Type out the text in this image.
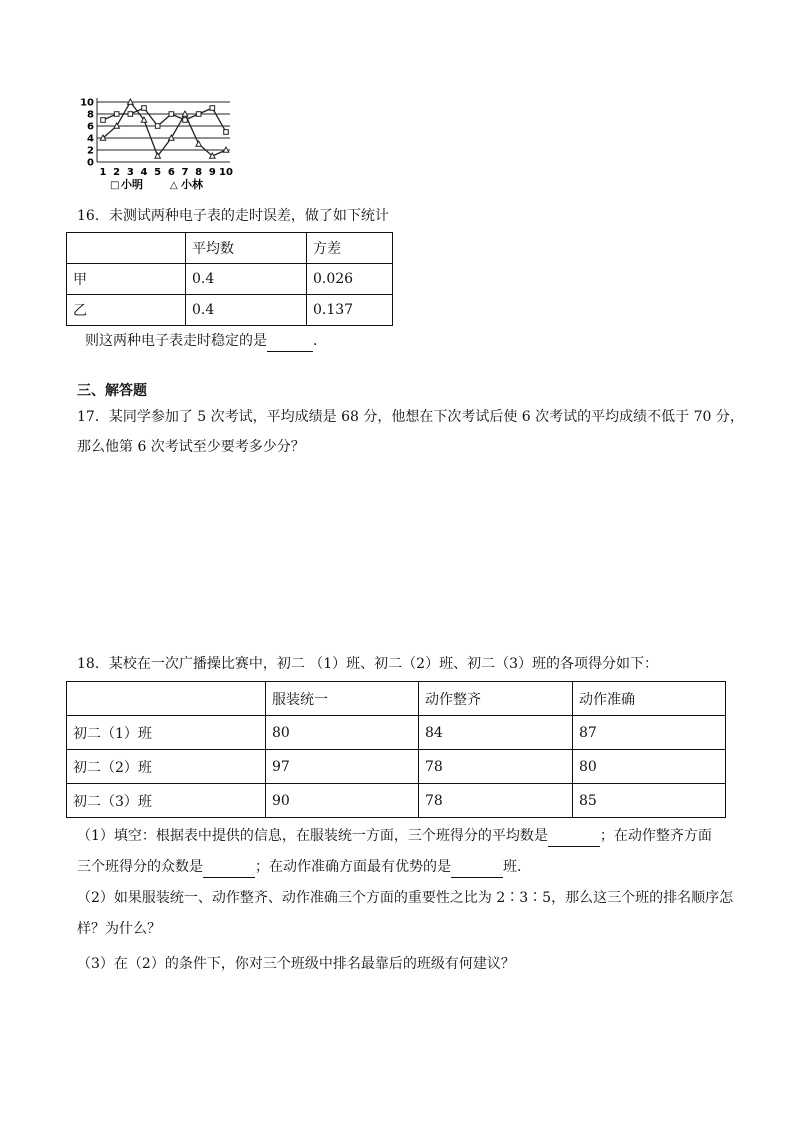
0
2
4
6
8
10
1 2 3 4 5 6 7 8 9 10
□ 小明	△ 小林
16．未测试两种电子表的走时误差，做了如下统计
	平均数	方差
甲	0.4	0.026
乙	0.4	0.137
则这两种电子表走时稳定的是	．
三、解答题
17．某同学参加了 5 次考试，平均成绩是 68 分，他想在下次考试后使 6 次考试的平均成绩不低于 70 分，
那么他第 6 次考试至少要考多少分？
18．某校在一次广播操比赛中，初二 （1）班、初二（2）班、初二（3）班的各项得分如下：
	服装统一	动作整齐	动作准确
初二（1）班	80	84	87
初二（2）班	97	78	80
初二（3）班	90	78	85
（1）填空：根据表中提供的信息，在服装统一方面，三个班得分的平均数是	；在动作整齐方面
三个班得分的众数是	；在动作准确方面最有优势的是	班．
（2）如果服装统一、动作整齐、动作准确三个方面的重要性之比为 2∶3∶5，那么这三个班的排名顺序怎
样？为什么？
（3）在（2）的条件下，你对三个班级中排名最靠后的班级有何建议？
